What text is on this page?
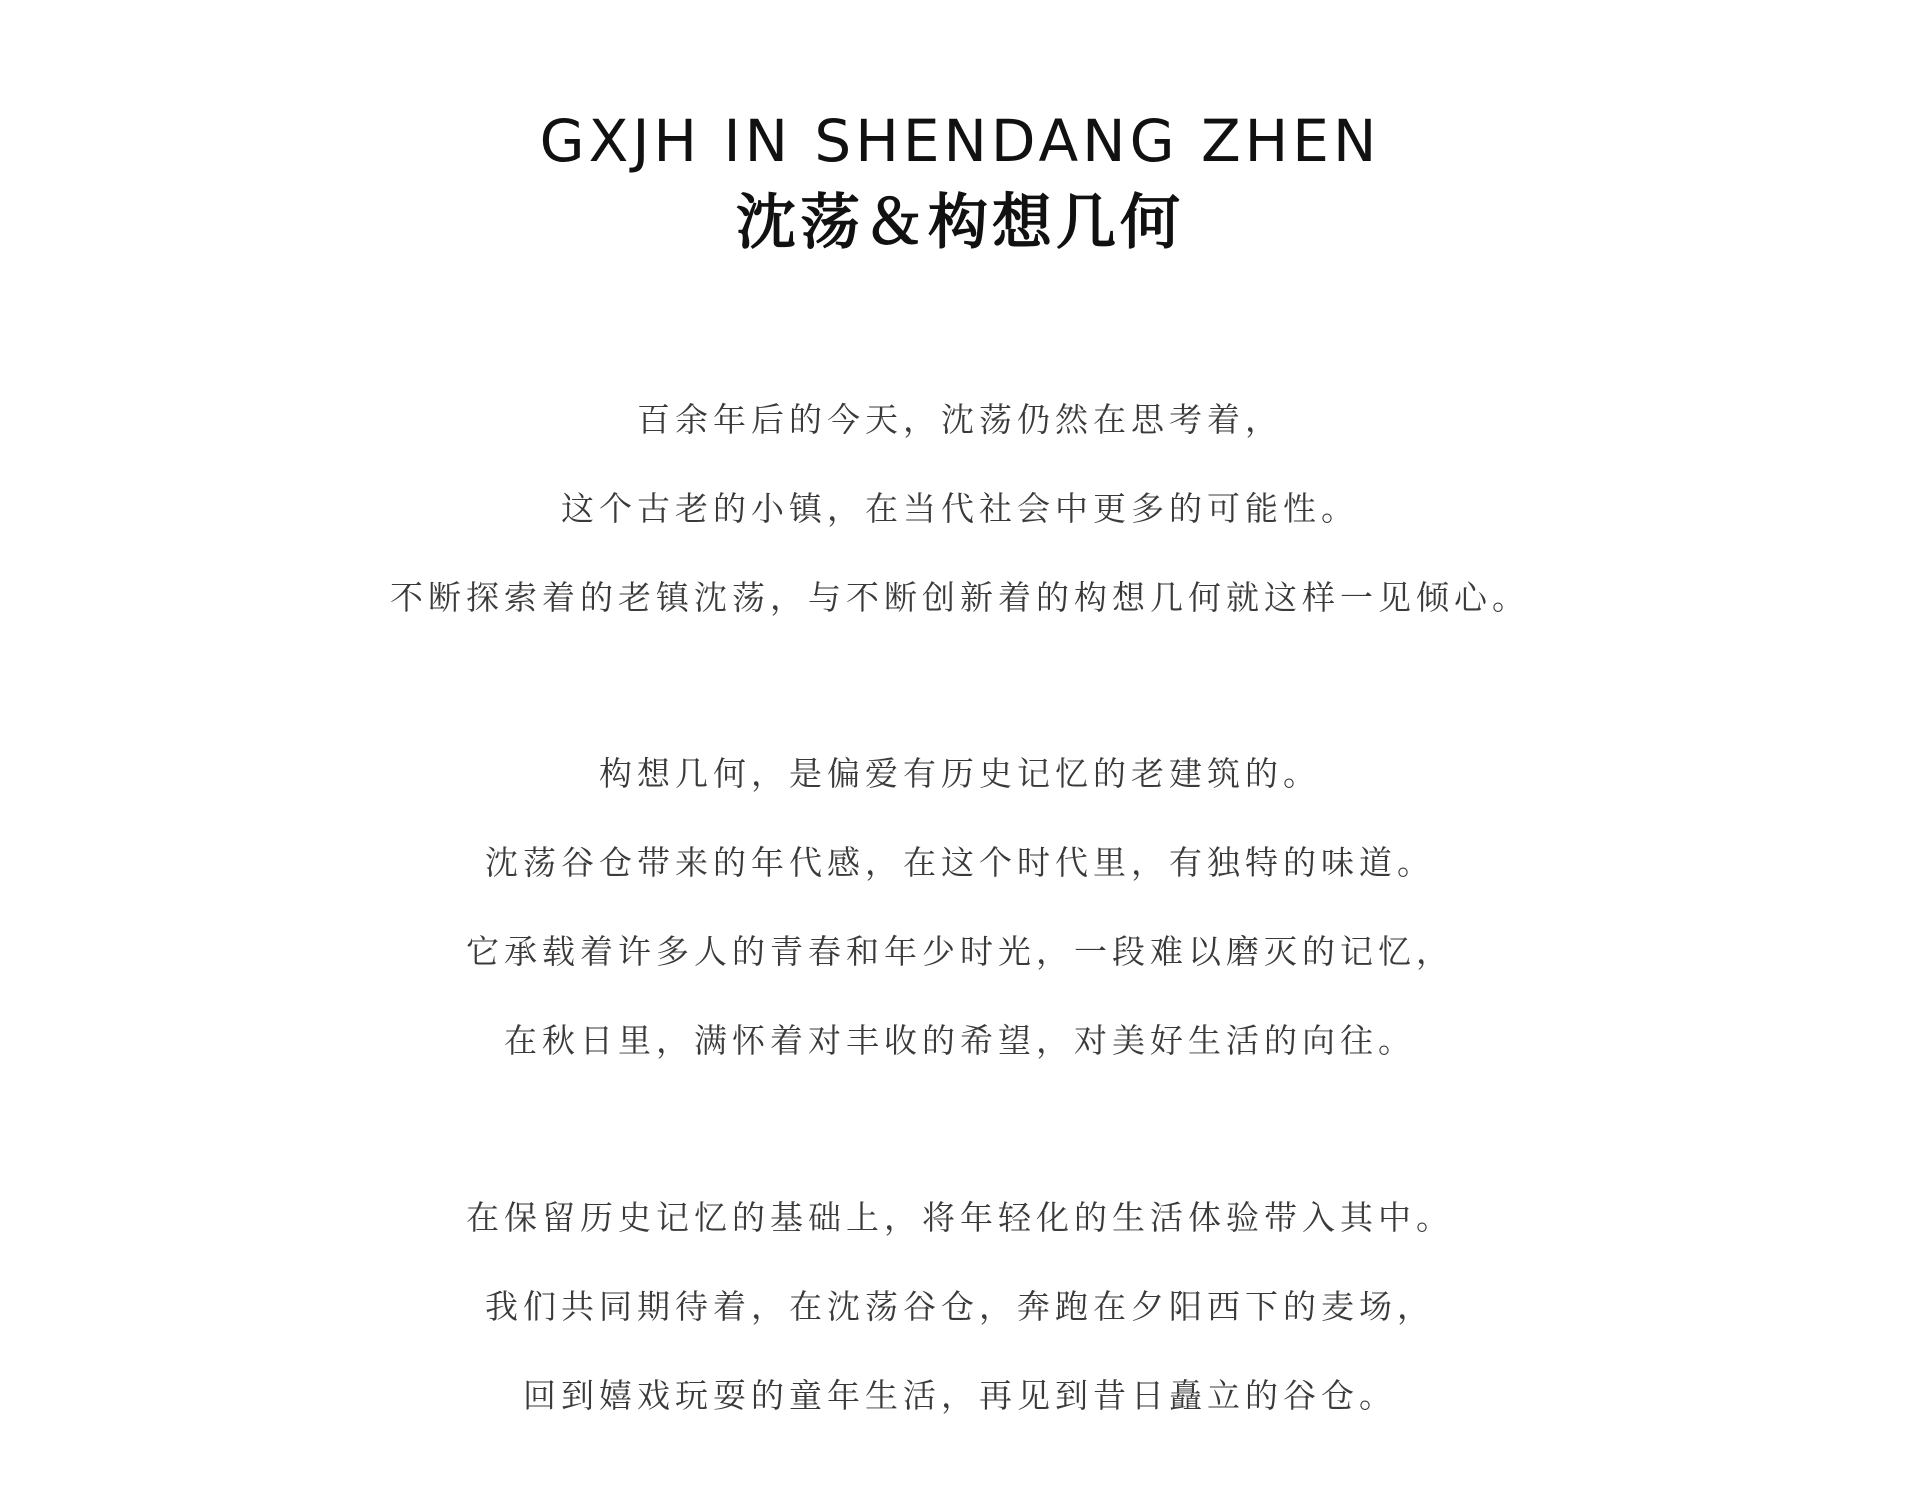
GXJH IN SHENDANG ZHEN
沈荡＆构想几何
百余年后的今天，沈荡仍然在思考着，
这个古老的小镇，在当代社会中更多的可能性。
不断探索着的老镇沈荡，与不断创新着的构想几何就这样一见倾心。
构想几何，是偏爱有历史记忆的老建筑的。
沈荡谷仓带来的年代感，在这个时代里，有独特的味道。
它承载着许多人的青春和年少时光，一段难以磨灭的记忆，
在秋日里，满怀着对丰收的希望，对美好生活的向往。
在保留历史记忆的基础上，将年轻化的生活体验带入其中。
我们共同期待着，在沈荡谷仓，奔跑在夕阳西下的麦场，
回到嬉戏玩耍的童年生活，再见到昔日矗立的谷仓。
